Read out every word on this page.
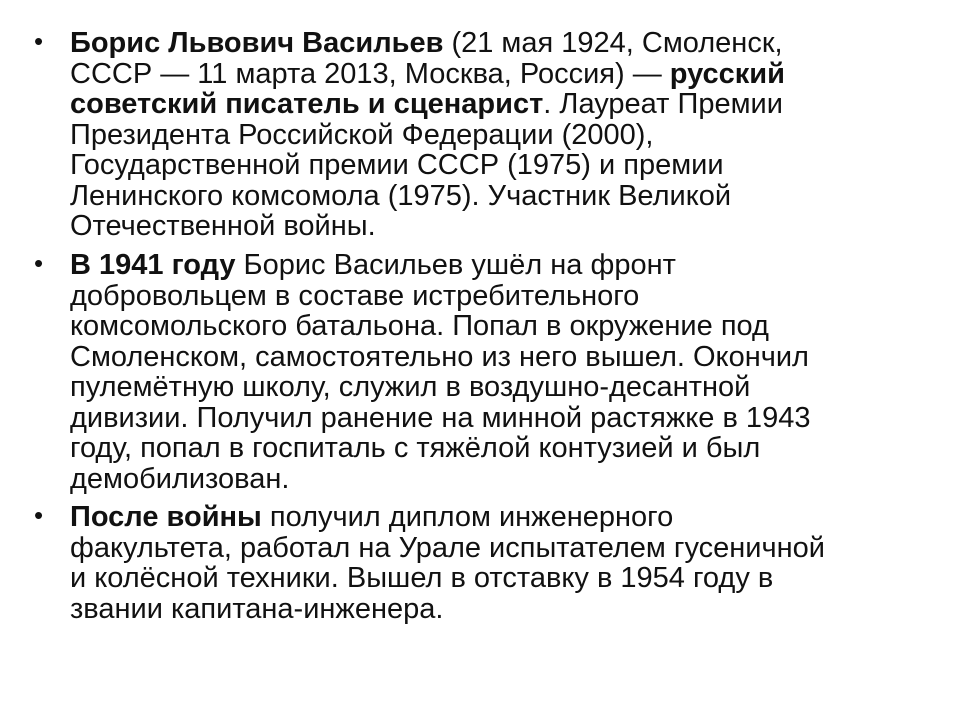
• Борис Львович Васильев (21 мая 1924, Смоленск,
СССР — 11 марта 2013, Москва, Россия) — русский
советский писатель и сценарист. Лауреат Премии
Президента Российской Федерации (2000),
Государственной премии СССР (1975) и премии
Ленинского комсомола (1975). Участник Великой
Отечественной войны.
• В 1941 году Борис Васильев ушёл на фронт
добровольцем в составе истребительного
комсомольского батальона. Попал в окружение под
Смоленском, самостоятельно из него вышел. Окончил
пулемётную школу, служил в воздушно-десантной
дивизии. Получил ранение на минной растяжке в 1943
году, попал в госпиталь с тяжёлой контузией и был
демобилизован.
• После войны получил диплом инженерного
факультета, работал на Урале испытателем гусеничной
и колёсной техники. Вышел в отставку в 1954 году в
звании капитана-инженера.
